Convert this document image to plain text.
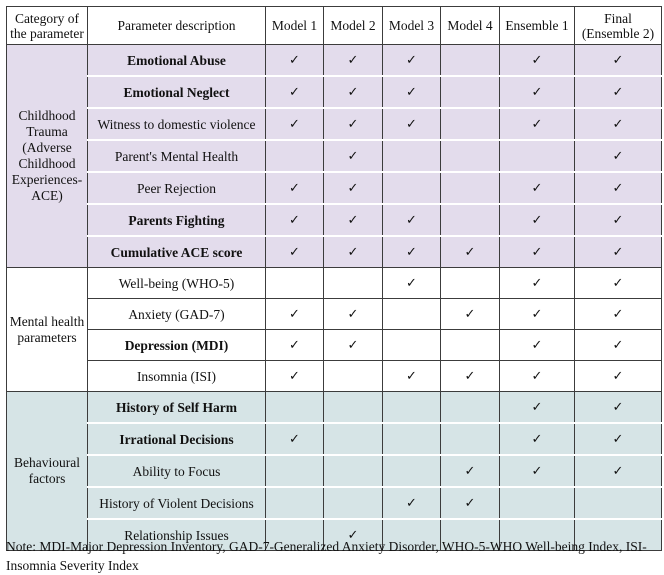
Category of the parameter	Parameter description	Model 1	Model 2	Model 3	Model 4	Ensemble 1	Final (Ensemble 2)
Childhood Trauma (Adverse Childhood Experiences- ACE)	Emotional Abuse	✓	✓	✓		✓	✓
	Emotional Neglect	✓	✓	✓		✓	✓
	Witness to domestic violence	✓	✓	✓		✓	✓
	Parent's Mental Health		✓				✓
	Peer Rejection	✓	✓			✓	✓
	Parents Fighting	✓	✓	✓		✓	✓
	Cumulative ACE score	✓	✓	✓	✓	✓	✓
Mental health parameters	Well-being (WHO-5)			✓		✓	✓
	Anxiety (GAD-7)	✓	✓		✓	✓	✓
	Depression (MDI)	✓	✓			✓	✓
	Insomnia (ISI)	✓		✓	✓	✓	✓
Behavioural factors	History of Self Harm					✓	✓
	Irrational Decisions	✓				✓	✓
	Ability to Focus				✓	✓	✓
	History of Violent Decisions			✓	✓		
	Relationship Issues		✓				
Note: MDI-Major Depression Inventory, GAD-7-Generalized Anxiety Disorder, WHO-5-WHO Well-being Index, ISI-Insomnia Severity Index
